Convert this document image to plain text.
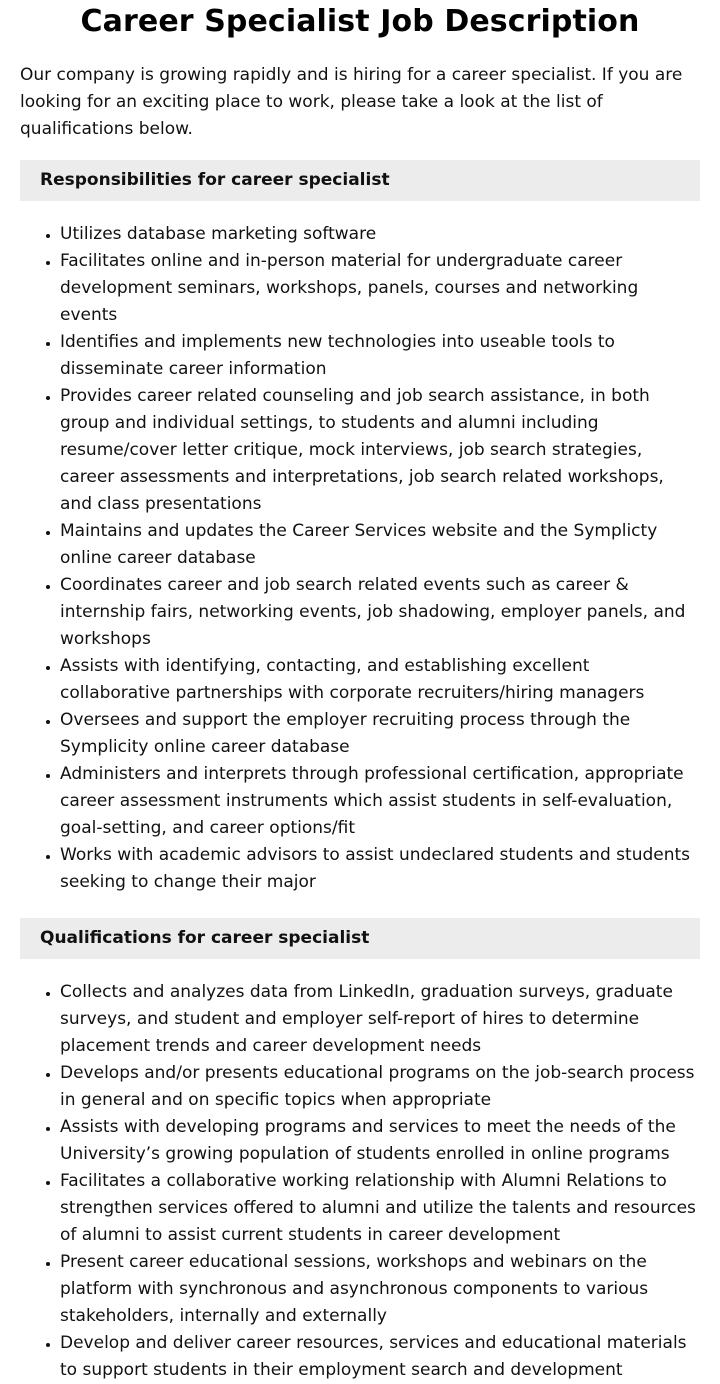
Career Specialist Job Description

Our company is growing rapidly and is hiring for a career specialist. If you are looking for an exciting place to work, please take a look at the list of qualifications below.

Responsibilities for career specialist
• Utilizes database marketing software
• Facilitates online and in-person material for undergraduate career development seminars, workshops, panels, courses and networking events
• Identifies and implements new technologies into useable tools to disseminate career information
• Provides career related counseling and job search assistance, in both group and individual settings, to students and alumni including resume/cover letter critique, mock interviews, job search strategies, career assessments and interpretations, job search related workshops, and class presentations
• Maintains and updates the Career Services website and the Symplicty online career database
• Coordinates career and job search related events such as career & internship fairs, networking events, job shadowing, employer panels, and workshops
• Assists with identifying, contacting, and establishing excellent collaborative partnerships with corporate recruiters/hiring managers
• Oversees and support the employer recruiting process through the Symplicity online career database
• Administers and interprets through professional certification, appropriate career assessment instruments which assist students in self-evaluation, goal-setting, and career options/fit
• Works with academic advisors to assist undeclared students and students seeking to change their major
Qualifications for career specialist
• Collects and analyzes data from LinkedIn, graduation surveys, graduate surveys, and student and employer self-report of hires to determine placement trends and career development needs
• Develops and/or presents educational programs on the job-search process in general and on specific topics when appropriate
• Assists with developing programs and services to meet the needs of the University’s growing population of students enrolled in online programs
• Facilitates a collaborative working relationship with Alumni Relations to strengthen services offered to alumni and utilize the talents and resources of alumni to assist current students in career development
• Present career educational sessions, workshops and webinars on the platform with synchronous and asynchronous components to various stakeholders, internally and externally
• Develop and deliver career resources, services and educational materials to support students in their employment search and development
